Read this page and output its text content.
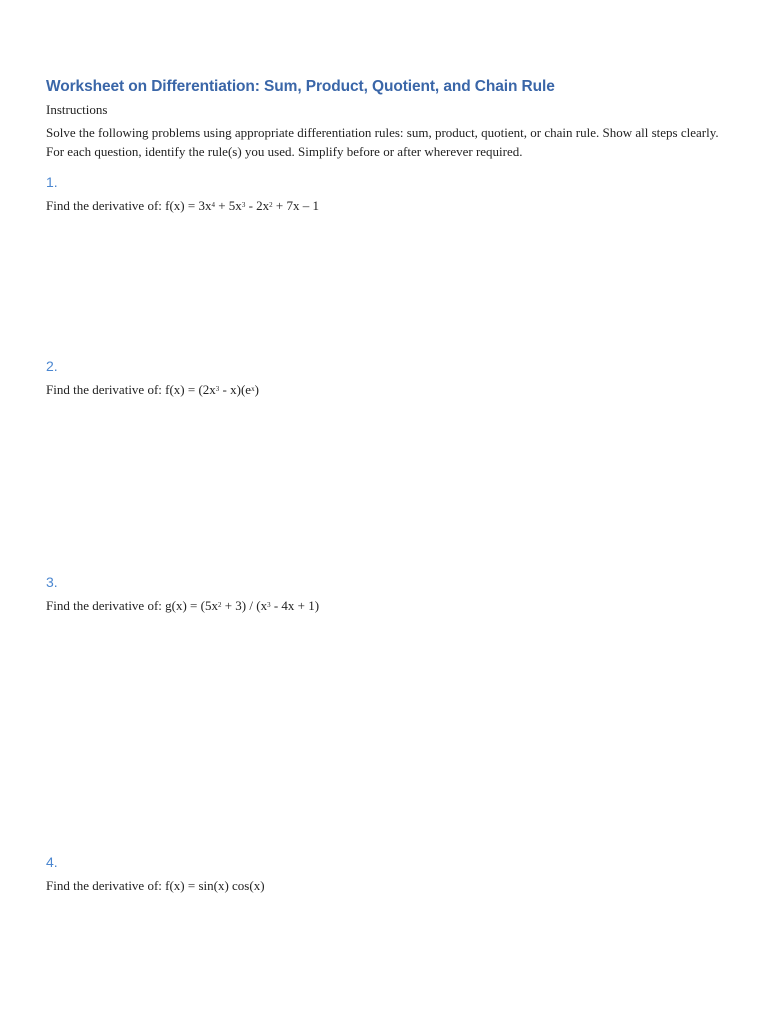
Worksheet on Differentiation: Sum, Product, Quotient, and Chain Rule

Instructions

Solve the following problems using appropriate differentiation rules: sum, product, quotient, or chain rule. Show all steps clearly. For each question, identify the rule(s) you used. Simplify before or after wherever required.

1.

Find the derivative of: $f(x) = 3x^4 + 5x^3 - 2x^2 + 7x - 1$

2.

Find the derivative of: $f(x) = (2x^3 - x)(e^x)$

3.

Find the derivative of: $g(x) = (5x^2 + 3) / (x^3 - 4x + 1)$

4.

Find the derivative of: f(x) = sin(x) cos(x)
